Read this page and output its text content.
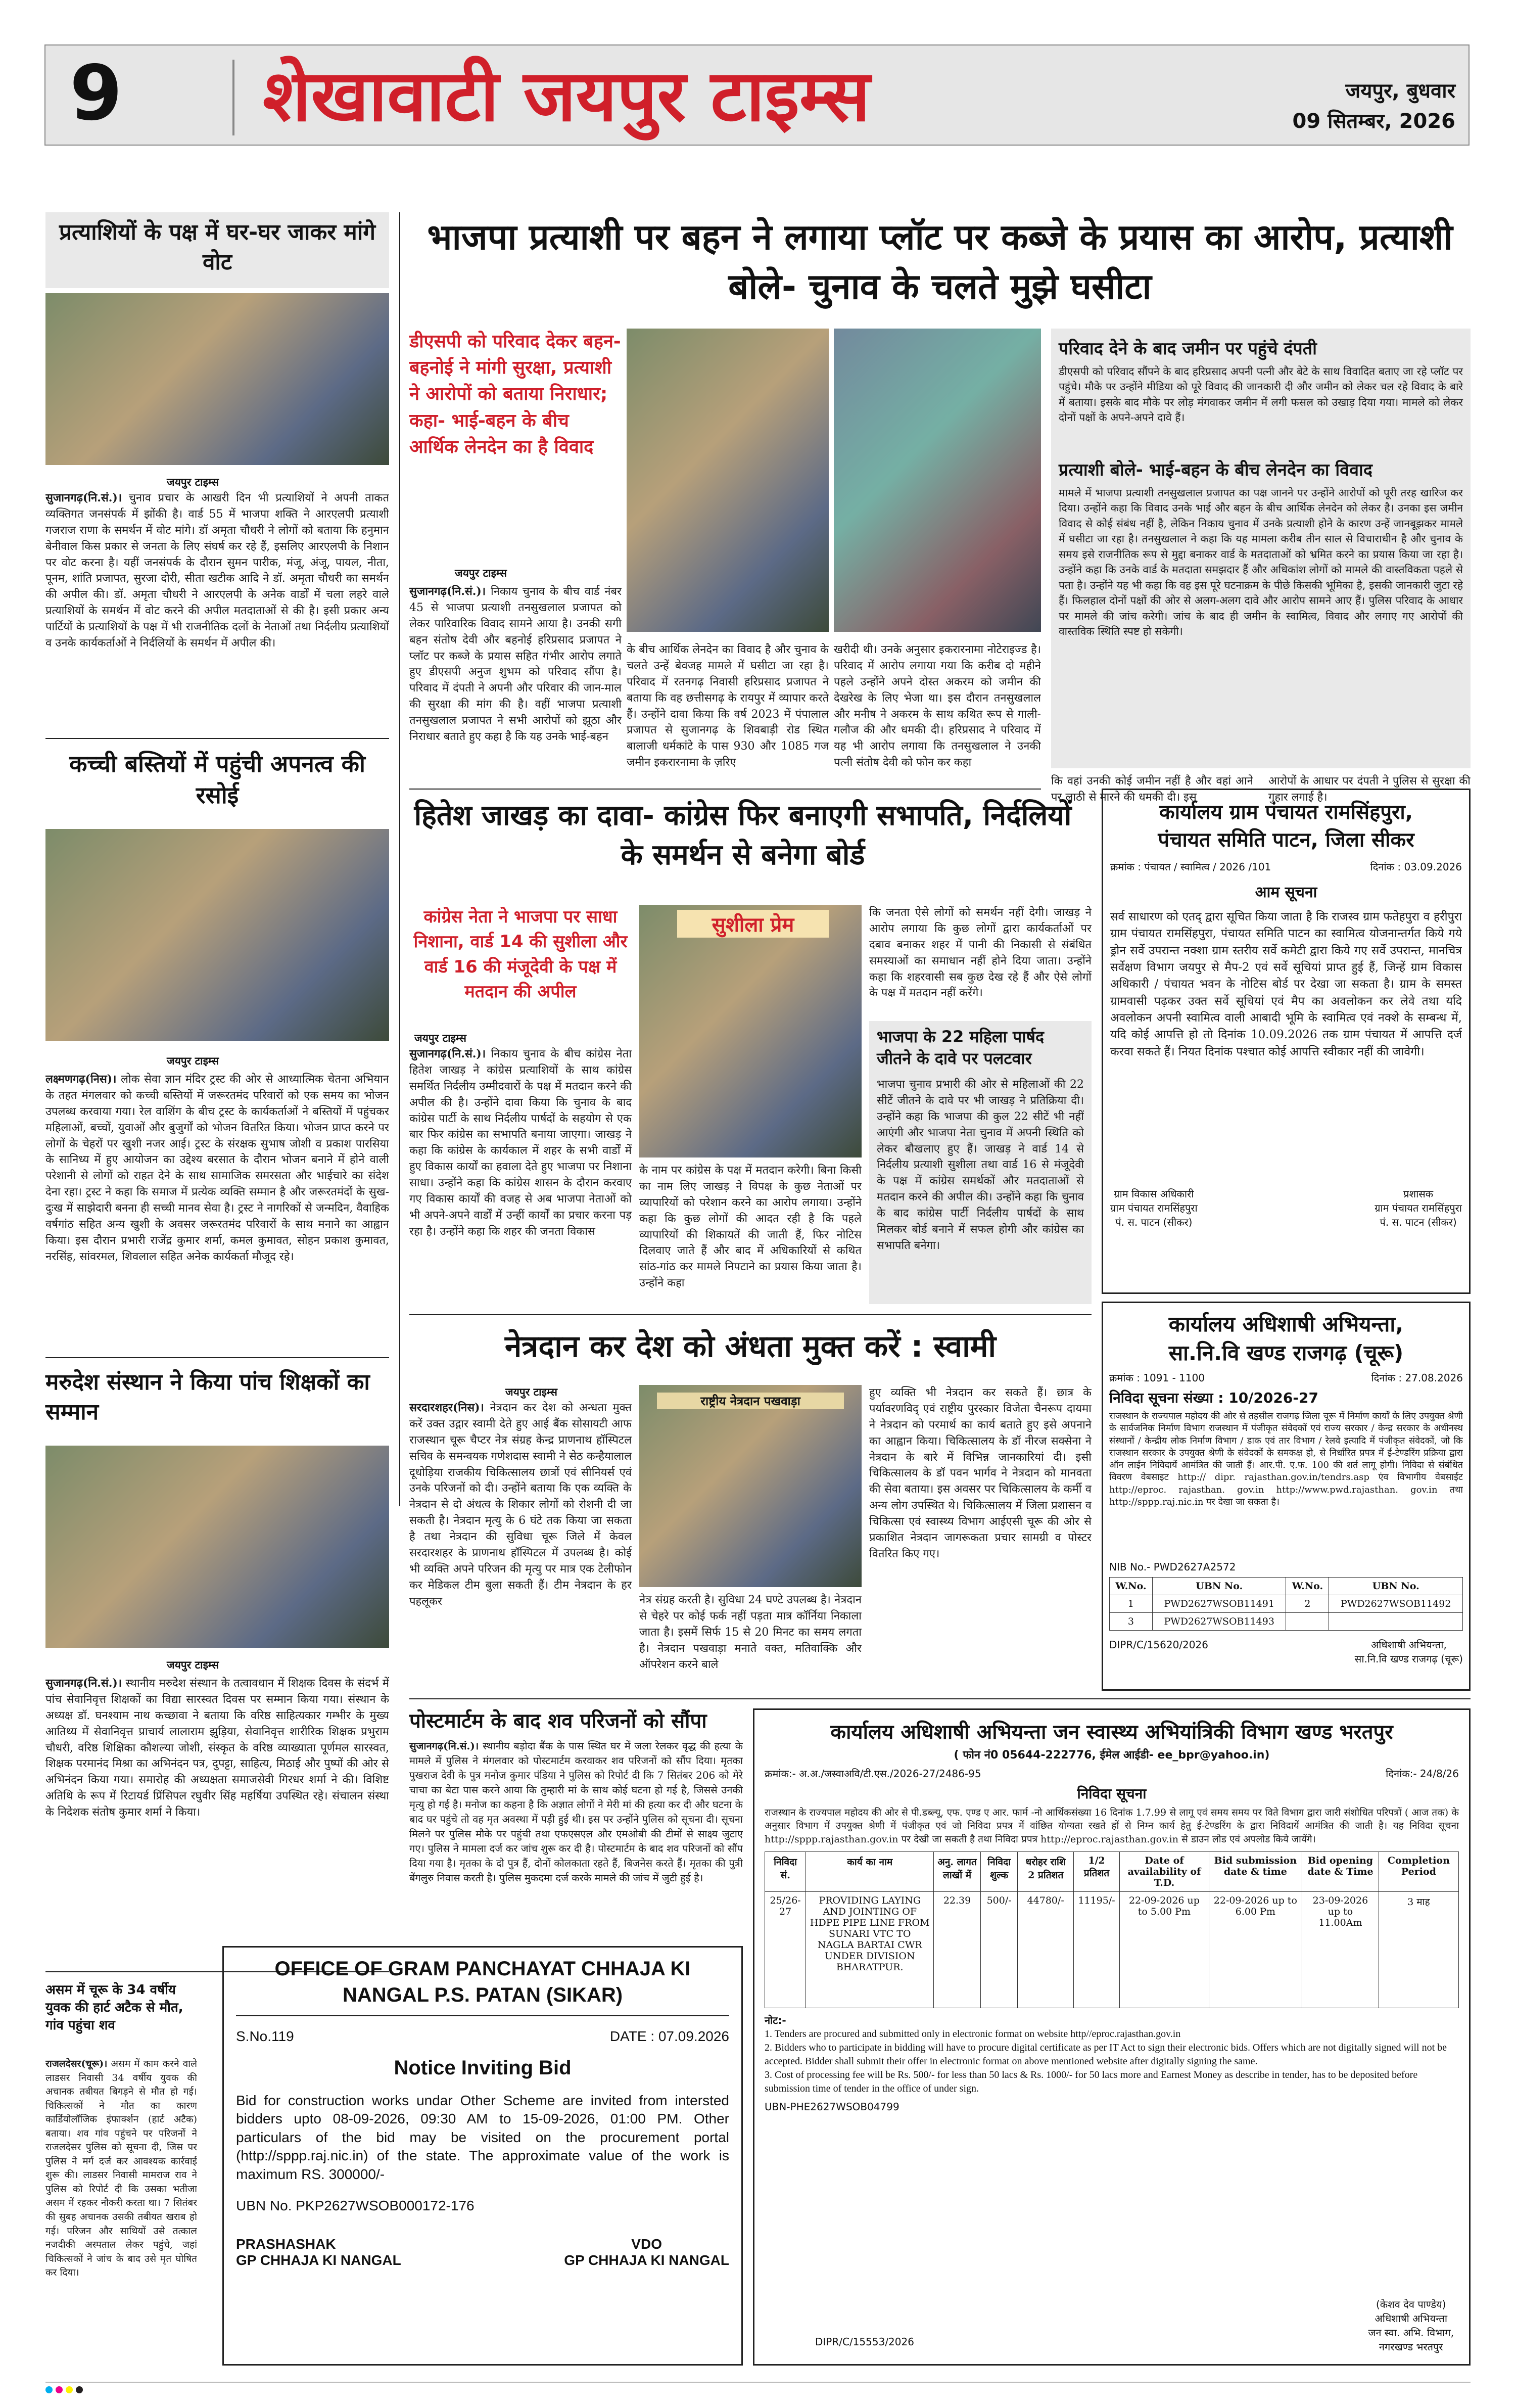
9 शेखावाटी जयपुर टाइम्स	जयपुर, बुधवार
09 सितम्बर, 2026
प्रत्याशियों के पक्ष में घर-घर जाकर मांगे वोट
जयपुर टाइम्स
सुजानगढ़(नि.सं.)। चुनाव प्रचार के आखरी दिन भी प्रत्याशियों ने अपनी ताकत व्यक्तिगत जनसंपर्क में झोंकी है। वार्ड 55 में भाजपा शक्ति ने आरएलपी प्रत्याशी गजराज राणा के समर्थन में वोट मांगे। डॉ अमृता चौधरी ने लोगों को बताया कि हनुमान बेनीवाल किस प्रकार से जनता के लिए संघर्ष कर रहे हैं, इसलिए आरएलपी के निशान पर वोट करना है। यहीं जनसंपर्क के दौरान सुमन पारीक, मंजू, अंजू, पायल, नीता, पूनम, शांति प्रजापत, सुरजा दोरी, सीता खटीक आदि ने डॉ. अमृता चौधरी का समर्थन की अपील की। डॉ. अमृता चौधरी ने आरएलपी के अनेक वार्डों में चला लहरे वाले प्रत्याशियों के समर्थन में वोट करने की अपील मतदाताओं से की है। इसी प्रकार अन्य पार्टियों के प्रत्याशियों के पक्ष में भी राजनीतिक दलों के नेताओं तथा निर्दलीय प्रत्याशियों व उनके कार्यकर्ताओं ने निर्दलियों के समर्थन में अपील की।
कच्ची बस्तियों में पहुंची अपनत्व की रसोई
जयपुर टाइम्स
लक्ष्मणगढ़(निस)। लोक सेवा ज्ञान मंदिर ट्रस्ट की ओर से आध्यात्मिक चेतना अभियान के तहत मंगलवार को कच्ची बस्तियों में जरूरतमंद परिवारों को एक समय का भोजन उपलब्ध करवाया गया। रेल वाशिंग के बीच ट्रस्ट के कार्यकर्ताओं ने बस्तियों में पहुंचकर महिलाओं, बच्चों, युवाओं और बुजुर्गों को भोजन वितरित किया। भोजन प्राप्त करने पर लोगों के चेहरों पर खुशी नजर आई। ट्रस्ट के संरक्षक सुभाष जोशी व प्रकाश पारसिया के सानिध्य में हुए आयोजन का उद्देश्य बरसात के दौरान भोजन बनाने में होने वाली परेशानी से लोगों को राहत देने के साथ सामाजिक समरसता और भाईचारे का संदेश देना रहा। ट्रस्ट ने कहा कि समाज में प्रत्येक व्यक्ति सम्मान है और जरूरतमंदों के सुख-दुःख में साझेदारी बनना ही सच्ची मानव सेवा है। ट्रस्ट ने नागरिकों से जन्मदिन, वैवाहिक वर्षगांठ सहित अन्य खुशी के अवसर जरूरतमंद परिवारों के साथ मनाने का आह्वान किया। इस दौरान प्रभारी राजेंद्र कुमार शर्मा, कमल कुमावत, सोहन प्रकाश कुमावत, नरसिंह, सांवरमल, शिवलाल सहित अनेक कार्यकर्ता मौजूद रहे।
मरुदेश संस्थान ने किया पांच शिक्षकों का सम्मान
जयपुर टाइम्स
सुजानगढ़(नि.सं.)। स्थानीय मरुदेश संस्थान के तत्वावधान में शिक्षक दिवस के संदर्भ में पांच सेवानिवृत्त शिक्षकों का विद्या सारस्वत दिवस पर सम्मान किया गया। संस्थान के अध्यक्ष डॉ. घनश्याम नाथ कच्छावा ने बताया कि वरिष्ठ साहित्यकार गम्भीर के मुख्य आतिथ्य में सेवानिवृत्त प्राचार्य लालाराम झुड़िया, सेवानिवृत्त शारीरिक शिक्षक प्रभुराम चौधरी, वरिष्ठ शिक्षिका कौशल्या जोशी, संस्कृत के वरिष्ठ व्याख्याता पूर्णमल सारस्वत, शिक्षक परमानंद मिश्रा का अभिनंदन पत्र, दुपट्टा, साहित्य, मिठाई और पुष्पों की ओर से अभिनंदन किया गया। समारोह की अध्यक्षता समाजसेवी गिरधर शर्मा ने की। विशिष्ट अतिथि के रूप में रिटायर्ड प्रिंसिपल रघुवीर सिंह महर्षिया उपस्थित रहे। संचालन संस्था के निदेशक संतोष कुमार शर्मा ने किया।
असम में चूरू के 34 वर्षीय युवक की हार्ट अटैक से मौत, गांव पहुंचा शव
राजलदेसर(चूरू)। असम में काम करने वाले लाडसर निवासी 34 वर्षीय युवक की अचानक तबीयत बिगड़ने से मौत हो गई। चिकित्सकों ने मौत का कारण कार्डियोलॉजिक इंफार्क्शन (हार्ट अटैक) बताया। शव गांव पहुंचने पर परिजनों ने राजलदेसर पुलिस को सूचना दी, जिस पर पुलिस ने मर्ग दर्ज कर आवश्यक कार्रवाई शुरू की। लाडसर निवासी मामराज राव ने पुलिस को रिपोर्ट दी कि उसका भतीजा असम में रहकर नौकरी करता था। 7 सितंबर की सुबह अचानक उसकी तबीयत खराब हो गई। परिजन और साथियों उसे तत्काल नजदीकी अस्पताल लेकर पहुंचे, जहां चिकित्सकों ने जांच के बाद उसे मृत घोषित कर दिया।
भाजपा प्रत्याशी पर बहन ने लगाया प्लॉट पर कब्जे के प्रयास का आरोप, प्रत्याशी बोले- चुनाव के चलते मुझे घसीटा
डीएसपी को परिवाद देकर बहन-बहनोई ने मांगी सुरक्षा, प्रत्याशी ने आरोपों को बताया निराधार; कहा- भाई-बहन के बीच आर्थिक लेनदेन का है विवाद
जयपुर टाइम्स
सुजानगढ़(नि.सं.)। निकाय चुनाव के बीच वार्ड नंबर 45 से भाजपा प्रत्याशी तनसुखलाल प्रजापत को लेकर पारिवारिक विवाद सामने आया है। उनकी सगी बहन संतोष देवी और बहनोई हरिप्रसाद प्रजापत ने प्लॉट पर कब्जे के प्रयास सहित गंभीर आरोप लगाते हुए डीएसपी अनुज शुभम को परिवाद सौंपा है। परिवाद में दंपती ने अपनी और परिवार की जान-माल की सुरक्षा की मांग की है। वहीं भाजपा प्रत्याशी तनसुखलाल प्रजापत ने सभी आरोपों को झूठा और निराधार बताते हुए कहा है कि यह उनके भाई-बहन
के बीच आर्थिक लेनदेन का विवाद है और चुनाव के चलते उन्हें बेवजह मामले में घसीटा जा रहा है। परिवाद में रतनगढ़ निवासी हरिप्रसाद प्रजापत ने बताया कि वह छत्तीसगढ़ के रायपुर में व्यापार करते हैं। उन्होंने दावा किया कि वर्ष 2023 में पंपालाल प्रजापत से सुजानगढ़ के शिवबाड़ी रोड स्थित बालाजी धर्मकांटे के पास 930 और 1085 गज जमीन इकरारनामा के ज़रिए
खरीदी थी। उनके अनुसार इकरारनामा नोटेराइज्ड है। परिवाद में आरोप लगाया गया कि करीब दो महीने पहले उन्होंने अपने दोस्त अकरम को जमीन की देखरेख के लिए भेजा था। इस दौरान तनसुखलाल और मनीष ने अकरम के साथ कथित रूप से गाली-गलौज की और धमकी दी। हरिप्रसाद ने परिवाद में यह भी आरोप लगाया कि तनसुखलाल ने उनकी पत्नी संतोष देवी को फोन कर कहा
परिवाद देने के बाद जमीन पर पहुंचे दंपती
डीएसपी को परिवाद सौंपने के बाद हरिप्रसाद अपनी पत्नी और बेटे के साथ विवादित बताए जा रहे प्लॉट पर पहुंचे। मौके पर उन्होंने मीडिया को पूरे विवाद की जानकारी दी और जमीन को लेकर चल रहे विवाद के बारे में बताया। इसके बाद मौके पर लोड़ मंगवाकर जमीन में लगी फसल को उखाड़ दिया गया। मामले को लेकर दोनों पक्षों के अपने-अपने दावे हैं।
प्रत्याशी बोले- भाई-बहन के बीच लेनदेन का विवाद
मामले में भाजपा प्रत्याशी तनसुखलाल प्रजापत का पक्ष जानने पर उन्होंने आरोपों को पूरी तरह खारिज कर दिया। उन्होंने कहा कि विवाद उनके भाई और बहन के बीच आर्थिक लेनदेन को लेकर है। उनका इस जमीन विवाद से कोई संबंध नहीं है, लेकिन निकाय चुनाव में उनके प्रत्याशी होने के कारण उन्हें जानबूझकर मामले में घसीटा जा रहा है। तनसुखलाल ने कहा कि यह मामला करीब तीन साल से विचाराधीन है और चुनाव के समय इसे राजनीतिक रूप से मुद्दा बनाकर वार्ड के मतदाताओं को भ्रमित करने का प्रयास किया जा रहा है। उन्होंने कहा कि उनके वार्ड के मतदाता समझदार हैं और अधिकांश लोगों को मामले की वास्तविकता पहले से पता है। उन्होंने यह भी कहा कि वह इस पूरे घटनाक्रम के पीछे किसकी भूमिका है, इसकी जानकारी जुटा रहे हैं। फिलहाल दोनों पक्षों की ओर से अलग-अलग दावे और आरोप सामने आए हैं। पुलिस परिवाद के आधार पर मामले की जांच करेगी। जांच के बाद ही जमीन के स्वामित्व, विवाद और लगाए गए आरोपों की वास्तविक स्थिति स्पष्ट हो सकेगी।
कि वहां उनकी कोई जमीन नहीं है और वहां आने पर लाठी से मारने की धमकी दी। इस
आरोपों के आधार पर दंपती ने पुलिस से सुरक्षा की गुहार लगाई है।
हितेश जाखड़ का दावा- कांग्रेस फिर बनाएगी सभापति, निर्दलियों के समर्थन से बनेगा बोर्ड
कांग्रेस नेता ने भाजपा पर साधा निशाना, वार्ड 14 की सुशीला और वार्ड 16 की मंजूदेवी के पक्ष में मतदान की अपील
जयपुर टाइम्स
सुजानगढ़(नि.सं.)। निकाय चुनाव के बीच कांग्रेस नेता हितेश जाखड़ ने कांग्रेस प्रत्याशियों के साथ कांग्रेस समर्थित निर्दलीय उम्मीदवारों के पक्ष में मतदान करने की अपील की है। उन्होंने दावा किया कि चुनाव के बाद कांग्रेस पार्टी के साथ निर्दलीय पार्षदों के सहयोग से एक बार फिर कांग्रेस का सभापति बनाया जाएगा। जाखड़ ने कहा कि कांग्रेस के कार्यकाल में शहर के सभी वार्डों में हुए विकास कार्यों का हवाला देते हुए भाजपा पर निशाना साधा। उन्होंने कहा कि कांग्रेस शासन के दौरान करवाए गए विकास कार्यों की वजह से अब भाजपा नेताओं को भी अपने-अपने वार्डों में उन्हीं कार्यों का प्रचार करना पड़ रहा है। उन्होंने कहा कि शहर की जनता विकास
सुशीला प्रेम
के नाम पर कांग्रेस के पक्ष में मतदान करेगी। बिना किसी का नाम लिए जाखड़ ने विपक्ष के कुछ नेताओं पर व्यापारियों को परेशान करने का आरोप लगाया। उन्होंने कहा कि कुछ लोगों की आदत रही है कि पहले व्यापारियों की शिकायतें की जाती हैं, फिर नोटिस दिलवाए जाते हैं और बाद में अधिकारियों से कथित सांठ-गांठ कर मामले निपटाने का प्रयास किया जाता है। उन्होंने कहा
कि जनता ऐसे लोगों को समर्थन नहीं देगी। जाखड़ ने आरोप लगाया कि कुछ लोगों द्वारा कार्यकर्ताओं पर दबाव बनाकर शहर में पानी की निकासी से संबंधित समस्याओं का समाधान नहीं होने दिया जाता। उन्होंने कहा कि शहरवासी सब कुछ देख रहे हैं और ऐसे लोगों के पक्ष में मतदान नहीं करेंगे।
भाजपा के 22 महिला पार्षद जीतने के दावे पर पलटवार
भाजपा चुनाव प्रभारी की ओर से महिलाओं की 22 सीटें जीतने के दावे पर भी जाखड़ ने प्रतिक्रिया दी। उन्होंने कहा कि भाजपा की कुल 22 सीटें भी नहीं आएंगी और भाजपा नेता चुनाव में अपनी स्थिति को लेकर बौखलाए हुए हैं। जाखड़ ने वार्ड 14 से निर्दलीय प्रत्याशी सुशीला तथा वार्ड 16 से मंजूदेवी के पक्ष में कांग्रेस समर्थकों और मतदाताओं से मतदान करने की अपील की। उन्होंने कहा कि चुनाव के बाद कांग्रेस पार्टी निर्दलीय पार्षदों के साथ मिलकर बोर्ड बनाने में सफल होगी और कांग्रेस का सभापति बनेगा।
नेत्रदान कर देश को अंधता मुक्त करें : स्वामी
जयपुर टाइम्स
सरदारशहर(निस)। नेत्रदान कर देश को अन्धता मुक्त करें उक्त उद्गार स्वामी देते हुए आई बैंक सोसायटी आफ राजस्थान चूरू चैप्टर नेत्र संग्रह केन्द्र प्राणनाथ हॉस्पिटल सचिव के समन्वयक गणेशदास स्वामी ने सेठ कन्हैयालाल दूधोड़िया राजकीय चिकित्सालय छात्रों एवं सीनियर्स एवं उनके परिजनों को दी। उन्होंने बताया कि एक व्यक्ति के नेत्रदान से दो अंधत्व के शिकार लोगों को रोशनी दी जा सकती है। नेत्रदान मृत्यु के 6 घंटे तक किया जा सकता है तथा नेत्रदान की सुविधा चूरू जिले में केवल सरदारशहर के प्राणनाथ हॉस्पिटल में उपलब्ध है। कोई भी व्यक्ति अपने परिजन की मृत्यु पर मात्र एक टेलीफोन कर मेडिकल टीम बुला सकती हैं। टीम नेत्रदान के हर पहलूकर
राष्ट्रीय नेत्रदान पखवाड़ा
नेत्र संग्रह करती है। सुविधा 24 घण्टे उपलब्ध है। नेत्रदान से चेहरे पर कोई फर्क नहीं पड़ता मात्र कॉर्निया निकाला जाता है। इसमें सिर्फ 15 से 20 मिनट का समय लगता है। नेत्रदान पखवाड़ा मनाते वक्त, मतिवाक्कि और ऑपरेशन करने बाले
हुए व्यक्ति भी नेत्रदान कर सकते हैं। छात्र के पर्यावरणविद् एवं राष्ट्रीय पुरस्कार विजेता चैनरूप दायमा ने नेत्रदान को परमार्थ का कार्य बताते हुए इसे अपनाने का आह्वान किया। चिकित्सालय के डॉ नीरज सक्सेना ने नेत्रदान के बारे में विभिन्न जानकारियां दी। इसी चिकित्सालय के डॉ पवन भार्गव ने नेत्रदान को मानवता की सेवा बताया। इस अवसर पर चिकित्सालय के कर्मी व अन्य लोग उपस्थित थे। चिकित्सालय में जिला प्रशासन व चिकित्सा एवं स्वास्थ्य विभाग आईएसी चूरू की ओर से प्रकाशित नेत्रदान जागरूकता प्रचार सामग्री व पोस्टर वितरित किए गए।
पोस्टमार्टम के बाद शव परिजनों को सौंपा
सुजानगढ़(नि.सं.)। स्थानीय बड़ोदा बैंक के पास स्थित घर में जला रेलकर वृद्ध की हत्या के मामले में पुलिस ने मंगलवार को पोस्टमार्टम करवाकर शव परिजनों को सौंप दिया। मृतका पुखराज देवी के पुत्र मनोज कुमार पंडिया ने पुलिस को रिपोर्ट दी कि 7 सितंबर 206 को मेरे चाचा का बेटा पास करने आया कि तुम्हारी मां के साथ कोई घटना हो गई है, जिससे उनकी मृत्यु हो गई है। मनोज का कहना है कि अज्ञात लोगों ने मेरी मां की हत्या कर दी और घटना के बाद घर पहुंचे तो वह मृत अवस्था में पड़ी हुई थी। इस पर उन्होंने पुलिस को सूचना दी। सूचना मिलने पर पुलिस मौके पर पहुंची तथा एफएसएल और एमओबी की टीमों से साक्ष्य जुटाए गए। पुलिस ने मामला दर्ज कर जांच शुरू कर दी है। पोस्टमार्टम के बाद शव परिजनों को सौंप दिया गया है। मृतका के दो पुत्र हैं, दोनों कोलकाता रहते हैं, बिजनेस करते हैं। मृतका की पुत्री बेंगलुरु निवास करती है। पुलिस मुकदमा दर्ज करके मामले की जांच में जुटी हुई है।
कार्यालय ग्राम पंचायत रामसिंहपुरा,
पंचायत समिति पाटन, जिला सीकर
क्रमांक : पंचायत / स्वामित्व / 2026 /101	दिनांक : 03.09.2026
आम सूचना
सर्व साधारण को एतद् द्वारा सूचित किया जाता है कि राजस्व ग्राम फतेहपुरा व हरीपुरा ग्राम पंचायत रामसिंहपुरा, पंचायत समिति पाटन का स्वामित्व योजनान्तर्गत किये गये ड्रोन सर्वे उपरान्त नक्शा ग्राम स्तरीय सर्वे कमेटी द्वारा किये गए सर्वे उपरान्त, मानचित्र सर्वेक्षण विभाग जयपुर से मैप-2 एवं सर्वे सूचियां प्राप्त हुई हैं, जिन्हें ग्राम विकास अधिकारी / पंचायत भवन के नोटिस बोर्ड पर देखा जा सकता है। ग्राम के समस्त ग्रामवासी पढ़कर उक्त सर्वे सूचियां एवं मैप का अवलोकन कर लेवे तथा यदि अवलोकन अपनी स्वामित्व वाली आबादी भूमि के स्वामित्व एवं नक्शे के सम्बन्ध में, यदि कोई आपत्ति हो तो दिनांक 10.09.2026 तक ग्राम पंचायत में आपत्ति दर्ज करवा सकते हैं। नियत दिनांक पश्चात कोई आपत्ति स्वीकार नहीं की जावेगी।
ग्राम विकास अधिकारी
ग्राम पंचायत रामसिंहपुरा
पं. स. पाटन (सीकर)
प्रशासक
ग्राम पंचायत रामसिंहपुरा
पं. स. पाटन (सीकर)
कार्यालय अधिशाषी अभियन्ता,
सा.नि.वि खण्ड राजगढ़ (चूरू)
क्रमांक : 1091 - 1100	दिनांक : 27.08.2026
निविदा सूचना संख्या : 10/2026-27
राजस्थान के राज्यपाल महोदय की ओर से तहसील राजगढ़ जिला चूरू में निर्माण कार्यों के लिए उपयुक्त श्रेणी के सार्वजनिक निर्माण विभाग राजस्थान में पंजीकृत संवेदकों एवं राज्य सरकार / केन्द्र सरकार के अधीनस्थ संस्थानों / केन्द्रीय लोक निर्माण विभाग / डाक एवं तार विभाग / रेलवे इत्यादि में पंजीकृत संवेदकों, जो कि राजस्थान सरकार के उपयुक्त श्रेणी के संवेदकों के समकक्ष हो, से निर्धारित प्रपत्र में ई-टेण्डरिंग प्रक्रिया द्वारा ऑन लाईन निविदायें आमंत्रित की जाती हैं। आर.पी. ए.फ. 100 की शर्त लागू होगी। निविदा से संबंधित विवरण वेबसाइट http:// dipr. rajasthan.gov.in/tendrs.asp एंव विभागीय वेबसाईट http://eproc. rajasthan. gov.in http://www.pwd.rajasthan. gov.in तथा http://sppp.raj.nic.in पर देखा जा सकता है।
NIB No.- PWD2627A2572
W.No.	UBN No.	W.No.	UBN No.
1	PWD2627WSOB11491	2	PWD2627WSOB11492
3	PWD2627WSOB11493		
DIPR/C/15620/2026	अधिशाषी अभियन्ता,
सा.नि.वि खण्ड राजगढ़ (चूरू)
OFFICE OF GRAM PANCHAYAT CHHAJA KI NANGAL P.S. PATAN (SIKAR)
S.No.119	DATE : 07.09.2026
Notice Inviting Bid
Bid for construction works undar Other Scheme are invited from intersted bidders upto 08-09-2026, 09:30 AM to 15-09-2026, 01:00 PM. Other particulars of the bid may be visited on the procurement portal (http://sppp.raj.nic.in) of the state. The approximate value of the work is maximum RS. 300000/-
UBN No. PKP2627WSOB000172-176
PRASHASHAK
GP CHHAJA KI NANGAL
VDO
GP CHHAJA KI NANGAL
कार्यालय अधिशाषी अभियन्ता जन स्वास्थ्य अभियांत्रिकी विभाग खण्ड भरतपुर
( फोन नं0 05644-222776, ईमेल आईडी- ee_bpr@yahoo.in)
क्रमांक:- अ.अ./जस्वाअवि/टी.एस./2026-27/2486-95	दिनांक:- 24/8/26
निविदा सूचना
राजस्थान के राज्यपाल महोदय की ओर से पी.डब्ल्यू, एफ. एण्ड ए आर. फार्म -नो आर्थिकसंख्या 16 दिनांक 1.7.99 से लागू एवं समय समय पर विते विभाग द्वारा जारी संशोधित परिपत्रों ( आज तक) के अनुसार विभाग में उपयुक्त श्रेणी में पंजीकृत एवं जो निविदा प्रपत्र में वांछित योग्यता रखते हों से निम्न कार्य हेतु ई-टेण्डरिंग के द्वारा निविदायें आमंत्रित की जाती है। यह निविदा सूचना http://sppp.rajasthan.gov.in पर देखी जा सकती है तथा निविदा प्रपत्र http://eproc.rajasthan.gov.in से डाउन लोड एवं अपलोड किये जायेंगे।
निविदा सं.	कार्य का नाम	अनु. लागत लाखों में	निविदा शुल्क	धरोहर राशि 2 प्रतिशत	1/2 प्रतिशत	Date of availability of T.D.	Bid submission date & time	Bid opening date & Time	Completion Period
25/26-27	PROVIDING LAYING AND JOINTING OF HDPE PIPE LINE FROM SUNARI VTC TO NAGLA BARTAI CWR UNDER DIVISION BHARATPUR.	22.39	500/-	44780/-	11195/-	22-09-2026 up to 5.00 Pm	22-09-2026 up to 6.00 Pm	23-09-2026 up to 11.00Am	3 माह
नोट:-
1. Tenders are procured and submitted only in electronic format on website http//eproc.rajasthan.gov.in
2. Bidders who to participate in bidding will have to procure digital certificate as per IT Act to sign their electronic bids. Offers which are not digitally signed will not be accepted. Bidder shall submit their offer in electronic format on above mentioned website after digitally signing the same.
3. Cost of processing fee will be Rs. 500/- for less than 50 lacs & Rs. 1000/- for 50 lacs more and Earnest Money as describe in tender, has to be deposited before submission time of tender in the office of under sign.
UBN-PHE2627WSOB04799
DIPR/C/15553/2026
(केशव देव पाण्डेय)
अधिशाषी अभियन्ता
जन स्वा. अभि. विभाग,
नगरखण्ड भरतपुर
